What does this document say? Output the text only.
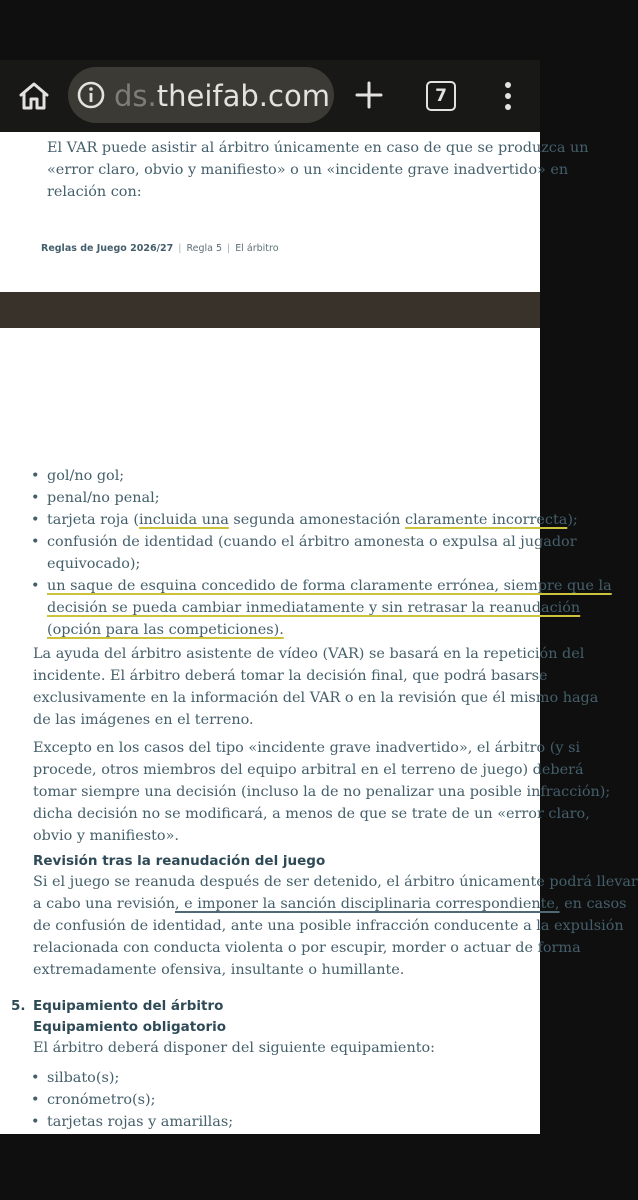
ds.theifab.com	7
El VAR puede asistir al árbitro únicamente en caso de que se produzca un
«error claro, obvio y manifiesto» o un «incidente grave inadvertido» en
relación con:
Reglas de Juego 2026/27 | Regla 5 | El árbitro
• gol/no gol;
• penal/no penal;
• tarjeta roja (incluida una segunda amonestación claramente incorrecta);
• confusión de identidad (cuando el árbitro amonesta o expulsa al jugador
equivocado);
• un saque de esquina concedido de forma claramente errónea, siempre que la
decisión se pueda cambiar inmediatamente y sin retrasar la reanudación
(opción para las competiciones).
La ayuda del árbitro asistente de vídeo (VAR) se basará en la repetición del
incidente. El árbitro deberá tomar la decisión final, que podrá basarse
exclusivamente en la información del VAR o en la revisión que él mismo haga
de las imágenes en el terreno.
Excepto en los casos del tipo «incidente grave inadvertido», el árbitro (y si
procede, otros miembros del equipo arbitral en el terreno de juego) deberá
tomar siempre una decisión (incluso la de no penalizar una posible infracción);
dicha decisión no se modificará, a menos de que se trate de un «error claro,
obvio y manifiesto».
Revisión tras la reanudación del juego
Si el juego se reanuda después de ser detenido, el árbitro únicamente podrá llevar
a cabo una revisión, e imponer la sanción disciplinaria correspondiente, en casos
de confusión de identidad, ante una posible infracción conducente a la expulsión
relacionada con conducta violenta o por escupir, morder o actuar de forma
extremadamente ofensiva, insultante o humillante.
5. Equipamiento del árbitro
Equipamiento obligatorio
El árbitro deberá disponer del siguiente equipamiento:
• silbato(s);
• cronómetro(s);
• tarjetas rojas y amarillas;
